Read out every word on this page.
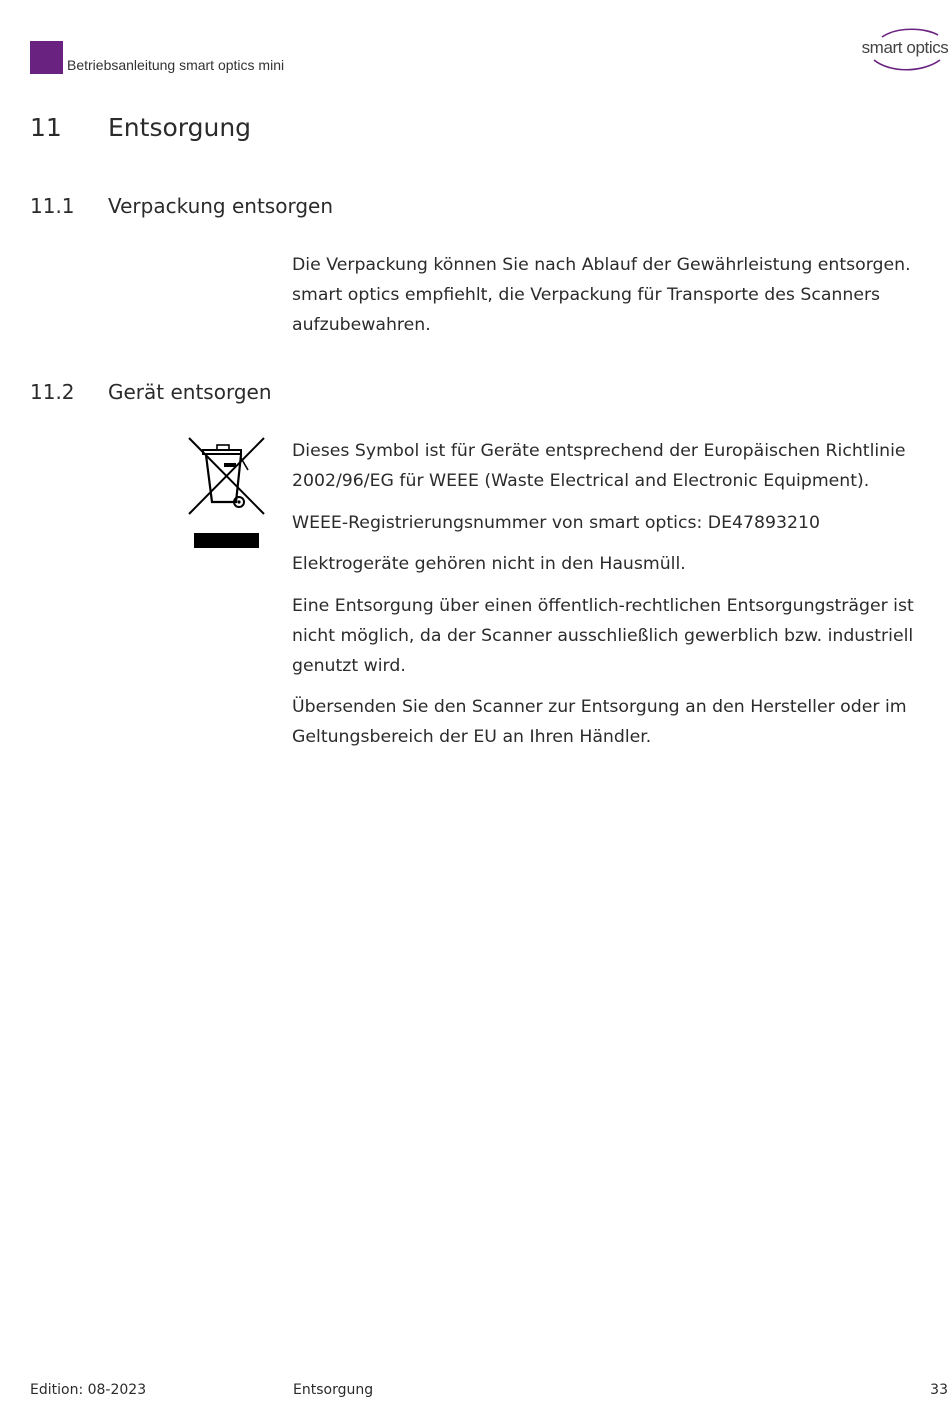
Betriebsanleitung smart optics mini
smart optics
11 Entsorgung
11.1 Verpackung entsorgen

Die Verpackung können Sie nach Ablauf der Gewährleistung entsorgen. smart optics empfiehlt, die Verpackung für Transporte des Scanners aufzubewahren.

11.2 Gerät entsorgen

Dieses Symbol ist für Geräte entsprechend der Europäischen Richtlinie 2002/96/EG für WEEE (Waste Electrical and Electronic Equipment).

WEEE-Registrierungsnummer von smart optics: DE47893210

Elektrogeräte gehören nicht in den Hausmüll.

Eine Entsorgung über einen öffentlich-rechtlichen Entsorgungsträger ist nicht möglich, da der Scanner ausschließlich gewerblich bzw. industriell genutzt wird.

Übersenden Sie den Scanner zur Entsorgung an den Hersteller oder im Geltungsbereich der EU an Ihren Händler.

Edition: 08-2023	Entsorgung	33
